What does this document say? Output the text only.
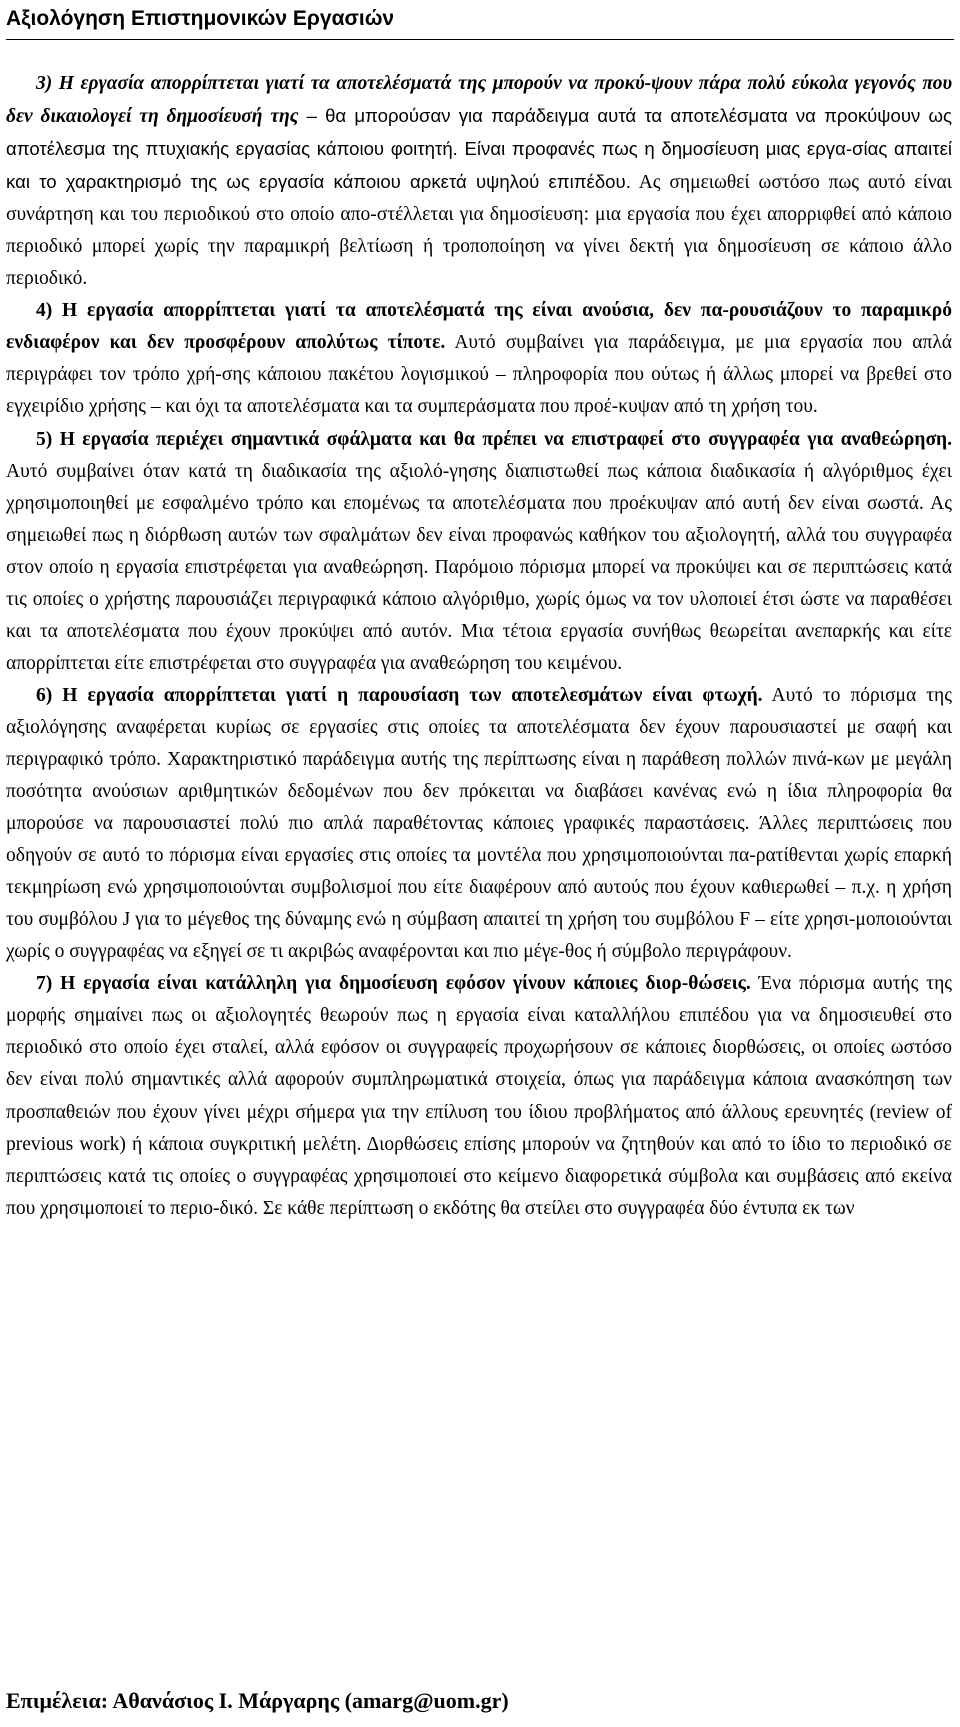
Αξιολόγηση Επιστημονικών Εργασιών

3) Η εργασία απορρίπτεται γιατί τα αποτελέσματά της μπορούν να προκύ-ψουν πάρα πολύ εύκολα γεγονός που δεν δικαιολογεί τη δημοσίευσή της – θα μπορούσαν για παράδειγμα αυτά τα αποτελέσματα να προκύψουν ως αποτέλεσμα της πτυχιακής εργασίας κάποιου φοιτητή. Είναι προφανές πως η δημοσίευση μιας εργα-σίας απαιτεί και το χαρακτηρισμό της ως εργασία κάποιου αρκετά υψηλού επιπέδου. Ας σημειωθεί ωστόσο πως αυτό είναι συνάρτηση και του περιοδικού στο οποίο απο-στέλλεται για δημοσίευση: μια εργασία που έχει απορριφθεί από κάποιο περιοδικό μπορεί χωρίς την παραμικρή βελτίωση ή τροποποίηση να γίνει δεκτή για δημοσίευση σε κάποιο άλλο περιοδικό.

4) Η εργασία απορρίπτεται γιατί τα αποτελέσματά της είναι ανούσια, δεν πα-ρουσιάζουν το παραμικρό ενδιαφέρον και δεν προσφέρουν απολύτως τίποτε. Αυτό συμβαίνει για παράδειγμα, με μια εργασία που απλά περιγράφει τον τρόπο χρή-σης κάποιου πακέτου λογισμικού – πληροφορία που ούτως ή άλλως μπορεί να βρεθεί στο εγχειρίδιο χρήσης – και όχι τα αποτελέσματα και τα συμπεράσματα που προέ-κυψαν από τη χρήση του.

5) Η εργασία περιέχει σημαντικά σφάλματα και θα πρέπει να επιστραφεί στο συγγραφέα για αναθεώρηση. Αυτό συμβαίνει όταν κατά τη διαδικασία της αξιολό-γησης διαπιστωθεί πως κάποια διαδικασία ή αλγόριθμος έχει χρησιμοποιηθεί με εσφαλμένο τρόπο και επομένως τα αποτελέσματα που προέκυψαν από αυτή δεν είναι σωστά. Ας σημειωθεί πως η διόρθωση αυτών των σφαλμάτων δεν είναι προφανώς καθήκον του αξιολογητή, αλλά του συγγραφέα στον οποίο η εργασία επιστρέφεται για αναθεώρηση. Παρόμοιο πόρισμα μπορεί να προκύψει και σε περιπτώσεις κατά τις οποίες ο χρήστης παρουσιάζει περιγραφικά κάποιο αλγόριθμο, χωρίς όμως να τον υλοποιεί έτσι ώστε να παραθέσει και τα αποτελέσματα που έχουν προκύψει από αυτόν. Μια τέτοια εργασία συνήθως θεωρείται ανεπαρκής και είτε απορρίπτεται είτε επιστρέφεται στο συγγραφέα για αναθεώρηση του κειμένου.

6) Η εργασία απορρίπτεται γιατί η παρουσίαση των αποτελεσμάτων είναι φτωχή. Αυτό το πόρισμα της αξιολόγησης αναφέρεται κυρίως σε εργασίες στις οποίες τα αποτελέσματα δεν έχουν παρουσιαστεί με σαφή και περιγραφικό τρόπο. Χαρακτηριστικό παράδειγμα αυτής της περίπτωσης είναι η παράθεση πολλών πινά-κων με μεγάλη ποσότητα ανούσιων αριθμητικών δεδομένων που δεν πρόκειται να διαβάσει κανένας ενώ η ίδια πληροφορία θα μπορούσε να παρουσιαστεί πολύ πιο απλά παραθέτοντας κάποιες γραφικές παραστάσεις. Άλλες περιπτώσεις που οδηγούν σε αυτό το πόρισμα είναι εργασίες στις οποίες τα μοντέλα που χρησιμοποιούνται πα-ρατίθενται χωρίς επαρκή τεκμηρίωση ενώ χρησιμοποιούνται συμβολισμοί που είτε διαφέρουν από αυτούς που έχουν καθιερωθεί – π.χ. η χρήση του συμβόλου J για το μέγεθος της δύναμης ενώ η σύμβαση απαιτεί τη χρήση του συμβόλου F – είτε χρησι-μοποιούνται χωρίς ο συγγραφέας να εξηγεί σε τι ακριβώς αναφέρονται και πιο μέγε-θος ή σύμβολο περιγράφουν.

7) Η εργασία είναι κατάλληλη για δημοσίευση εφόσον γίνουν κάποιες διορ-θώσεις. Ένα πόρισμα αυτής της μορφής σημαίνει πως οι αξιολογητές θεωρούν πως η εργασία είναι καταλλήλου επιπέδου για να δημοσιευθεί στο περιοδικό στο οποίο έχει σταλεί, αλλά εφόσον οι συγγραφείς προχωρήσουν σε κάποιες διορθώσεις, οι οποίες ωστόσο δεν είναι πολύ σημαντικές αλλά αφορούν συμπληρωματικά στοιχεία, όπως για παράδειγμα κάποια ανασκόπηση των προσπαθειών που έχουν γίνει μέχρι σήμερα για την επίλυση του ίδιου προβλήματος από άλλους ερευνητές (review of previous work) ή κάποια συγκριτική μελέτη. Διορθώσεις επίσης μπορούν να ζητηθούν και από το ίδιο το περιοδικό σε περιπτώσεις κατά τις οποίες ο συγγραφέας χρησιμοποιεί στο κείμενο διαφορετικά σύμβολα και συμβάσεις από εκείνα που χρησιμοποιεί το περιο-δικό. Σε κάθε περίπτωση ο εκδότης θα στείλει στο συγγραφέα δύο έντυπα εκ των

Επιμέλεια: Αθανάσιος Ι. Μάργαρης (amarg@uom.gr)
